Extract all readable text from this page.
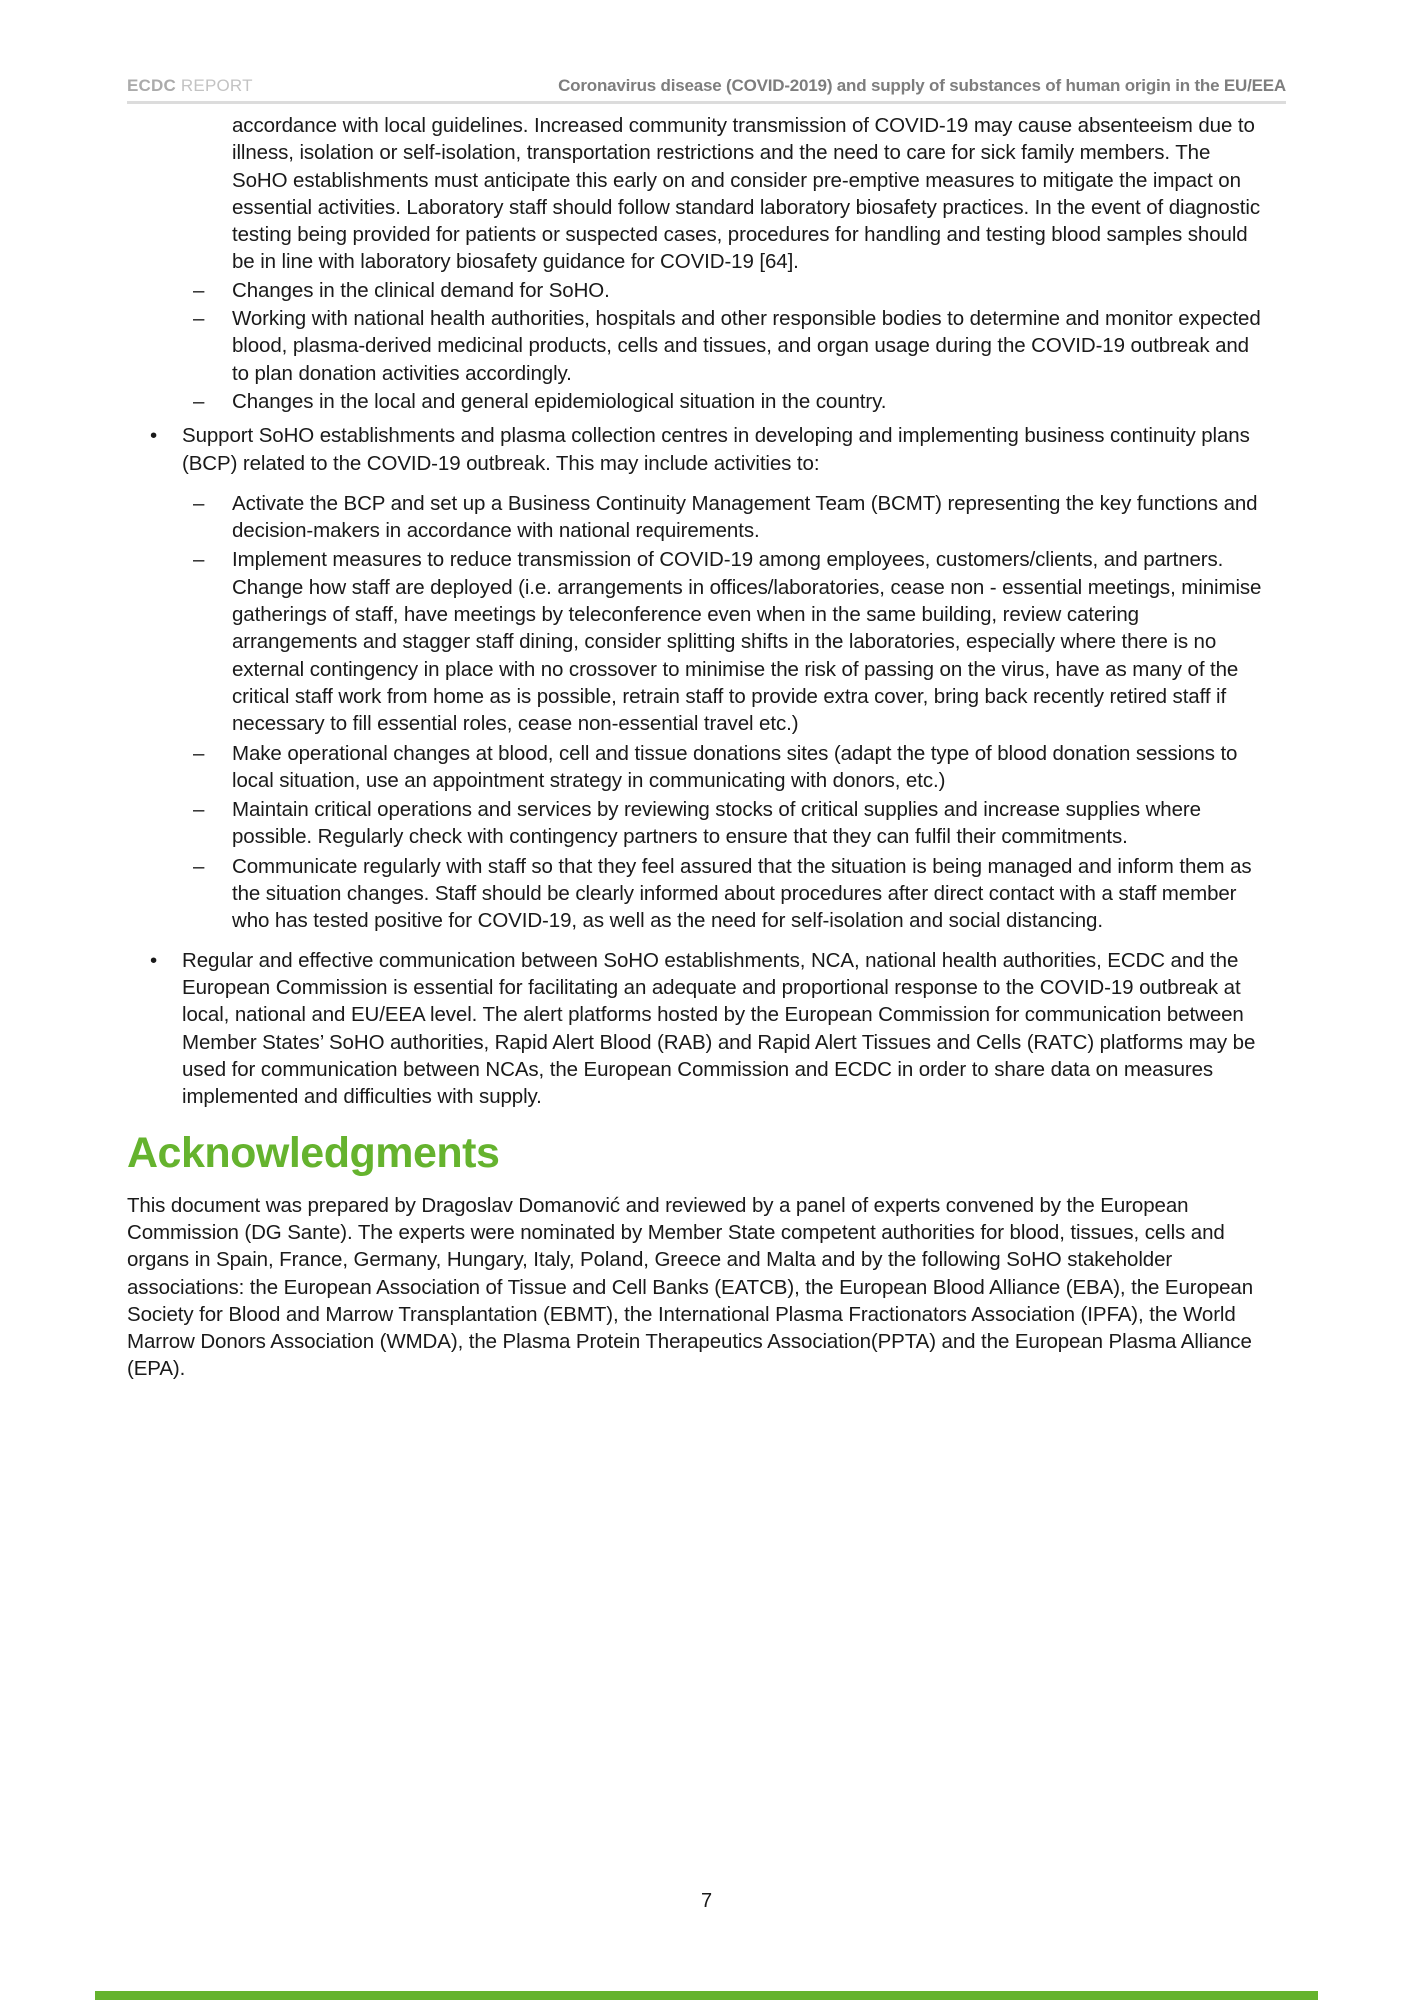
ECDC REPORT	Coronavirus disease (COVID-2019) and supply of substances of human origin in the EU/EEA

accordance with local guidelines. Increased community transmission of COVID-19 may cause absenteeism due to illness, isolation or self-isolation, transportation restrictions and the need to care for sick family members. The SoHO establishments must anticipate this early on and consider pre-emptive measures to mitigate the impact on essential activities. Laboratory staff should follow standard laboratory biosafety practices. In the event of diagnostic testing being provided for patients or suspected cases, procedures for handling and testing blood samples should be in line with laboratory biosafety guidance for COVID-19 [64].

–	Changes in the clinical demand for SoHO.
–	Working with national health authorities, hospitals and other responsible bodies to determine and monitor expected blood, plasma-derived medicinal products, cells and tissues, and organ usage during the COVID-19 outbreak and to plan donation activities accordingly.
–	Changes in the local and general epidemiological situation in the country.
•	Support SoHO establishments and plasma collection centres in developing and implementing business continuity plans (BCP) related to the COVID-19 outbreak. This may include activities to:
–	Activate the BCP and set up a Business Continuity Management Team (BCMT) representing the key functions and decision-makers in accordance with national requirements.
–	Implement measures to reduce transmission of COVID-19 among employees, customers/clients, and partners. Change how staff are deployed (i.e. arrangements in offices/laboratories, cease non - essential meetings, minimise gatherings of staff, have meetings by teleconference even when in the same building, review catering arrangements and stagger staff dining, consider splitting shifts in the laboratories, especially where there is no external contingency in place with no crossover to minimise the risk of passing on the virus, have as many of the critical staff work from home as is possible, retrain staff to provide extra cover, bring back recently retired staff if necessary to fill essential roles, cease non-essential travel etc.)
–	Make operational changes at blood, cell and tissue donations sites (adapt the type of blood donation sessions to local situation, use an appointment strategy in communicating with donors, etc.)
–	Maintain critical operations and services by reviewing stocks of critical supplies and increase supplies where possible. Regularly check with contingency partners to ensure that they can fulfil their commitments.
–	Communicate regularly with staff so that they feel assured that the situation is being managed and inform them as the situation changes. Staff should be clearly informed about procedures after direct contact with a staff member who has tested positive for COVID-19, as well as the need for self-isolation and social distancing.
•	Regular and effective communication between SoHO establishments, NCA, national health authorities, ECDC and the European Commission is essential for facilitating an adequate and proportional response to the COVID-19 outbreak at local, national and EU/EEA level. The alert platforms hosted by the European Commission for communication between Member States’ SoHO authorities, Rapid Alert Blood (RAB) and Rapid Alert Tissues and Cells (RATC) platforms may be used for communication between NCAs, the European Commission and ECDC in order to share data on measures implemented and difficulties with supply.
Acknowledgments

This document was prepared by Dragoslav Domanović and reviewed by a panel of experts convened by the European Commission (DG Sante). The experts were nominated by Member State competent authorities for blood, tissues, cells and organs in Spain, France, Germany, Hungary, Italy, Poland, Greece and Malta and by the following SoHO stakeholder associations: the European Association of Tissue and Cell Banks (EATCB), the European Blood Alliance (EBA), the European Society for Blood and Marrow Transplantation (EBMT), the International Plasma Fractionators Association (IPFA), the World Marrow Donors Association (WMDA), the Plasma Protein Therapeutics Association(PPTA) and the European Plasma Alliance (EPA).

7
